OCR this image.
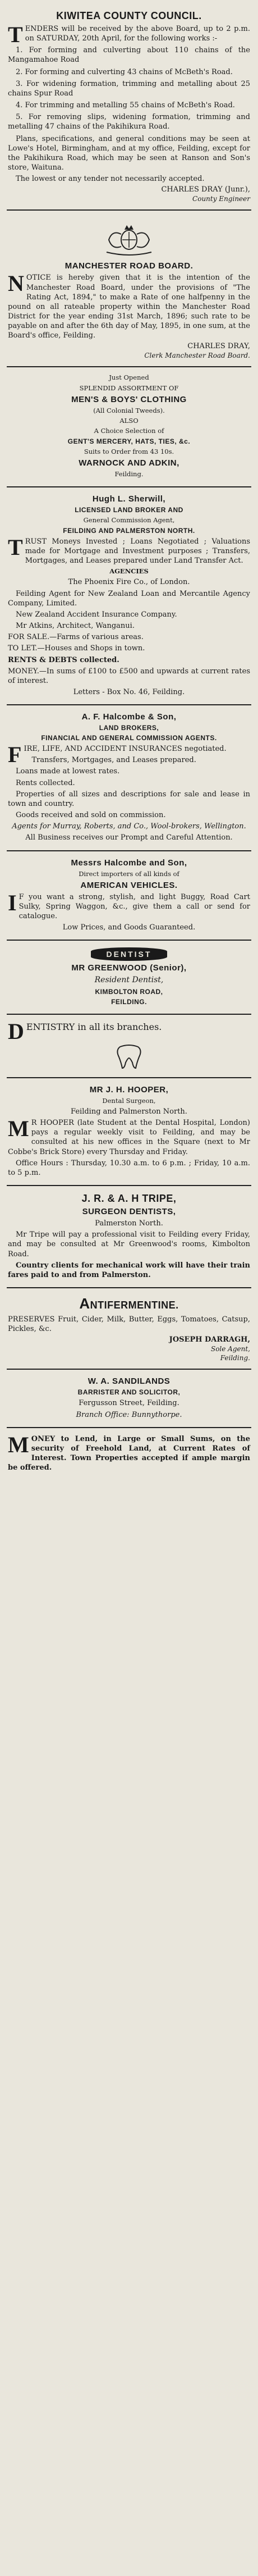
KIWITEA COUNTY COUNCIL.

T ENDERS will be received by the above Board, up to 2 p.m. on SATURDAY, 20th April, for the following works :-

1. For forming and culverting about 110 chains of the Mangamahoe Road

2. For forming and culverting 43 chains of McBeth's Road.

3. For widening formation, trimming and metalling about 25 chains Spur Road

4. For trimming and metalling 55 chains of McBeth's Road.

5. For removing slips, widening formation, trimming and metalling 47 chains of the Pakihikura Road.

Plans, specifications, and general conditions may be seen at Lowe's Hotel, Birmingham, and at my office, Feilding, except for the Pakihikura Road, which may be seen at Ranson and Son's store, Waituna.

The lowest or any tender not necessarily accepted.

CHARLES DRAY (Junr.),
County Engineer
MANCHESTER ROAD BOARD.

N OTICE is hereby given that it is the intention of the Manchester Road Board, under the provisions of "The Rating Act, 1894," to make a Rate of one halfpenny in the pound on all rateable property within the Manchester Road District for the year ending 31st March, 1896; such rate to be payable on and after the 6th day of May, 1895, in one sum, at the Board's office, Feilding.

CHARLES DRAY,
Clerk Manchester Road Board.

Just Opened

SPLENDID ASSORTMENT OF

MEN'S & BOYS' CLOTHING

(All Colonial Tweeds).

ALSO

A Choice Selection of

GENT'S MERCERY, HATS, TIES, &c.

Suits to Order from 43 10s.

WARNOCK AND ADKIN,

Feilding.

Hugh L. Sherwill,
LICENSED LAND BROKER AND

General Commission Agent,

FEILDING AND PALMERSTON NORTH.

T RUST Moneys Invested ; Loans Negotiated ; Valuations made for Mortgage and Investment purposes ; Transfers, Mortgages, and Leases prepared under Land Transfer Act.

AGENCIES

The Phoenix Fire Co., of London.

Feilding Agent for New Zealand Loan and Mercantile Agency Company, Limited.

New Zealand Accident Insurance Company.

Mr Atkins, Architect, Wanganui.

FOR SALE.—Farms of various areas.

TO LET.—Houses and Shops in town.

RENTS & DEBTS collected.

MONEY.—In sums of £100 to £500 and upwards at current rates of interest.

Letters - Box No. 46, Feilding.

A. F. Halcombe & Son,
LAND BROKERS,
FINANCIAL AND GENERAL COMMISSION AGENTS.

F IRE, LIFE, AND ACCIDENT INSURANCES negotiated.

Transfers, Mortgages, and Leases prepared.

Loans made at lowest rates.

Rents collected.

Properties of all sizes and descriptions for sale and lease in town and country.

Goods received and sold on commission.

Agents for Murray, Roberts, and Co., Wool-brokers, Wellington.

All Business receives our Prompt and Careful Attention.

Messrs Halcombe and Son,

Direct importers of all kinds of

AMERICAN VEHICLES.

I F you want a strong, stylish, and light Buggy, Road Cart Sulky, Spring Waggon, &c., give them a call or send for catalogue.

Low Prices, and Goods Guaranteed.

DENTIST
MR GREENWOOD (Senior),

Resident Dentist,

KIMBOLTON ROAD,
FEILDING.

D ENTISTRY in all its branches.

MR J. H. HOOPER,

Dental Surgeon,

Feilding and Palmerston North.

M R HOOPER (late Student at the Dental Hospital, London) pays a regular weekly visit to Feilding, and may be consulted at his new offices in the Square (next to Mr Cobbe's Brick Store) every Thursday and Friday.

Office Hours : Thursday, 10.30 a.m. to 6 p.m. ; Friday, 10 a.m. to 5 p.m.

J. R. & A. H TRIPE,
SURGEON DENTISTS,

Palmerston North.

Mr Tripe will pay a professional visit to Feilding every Friday, and may be consulted at Mr Greenwood's rooms, Kimbolton Road.

Country clients for mechanical work will have their train fares paid to and from Palmerston.

ANTIFERMENTINE.

PRESERVES Fruit, Cider, Milk, Butter, Eggs, Tomatoes, Catsup, Pickles, &c.

JOSEPH DARRAGH,
Sole Agent,
Feilding.
W. A. SANDILANDS
BARRISTER AND SOLICITOR,

Fergusson Street, Feilding.

Branch Office: Bunnythorpe.

M ONEY to Lend, in Large or Small Sums, on the security of Freehold Land, at Current Rates of Interest. Town Properties accepted if ample margin be offered.
